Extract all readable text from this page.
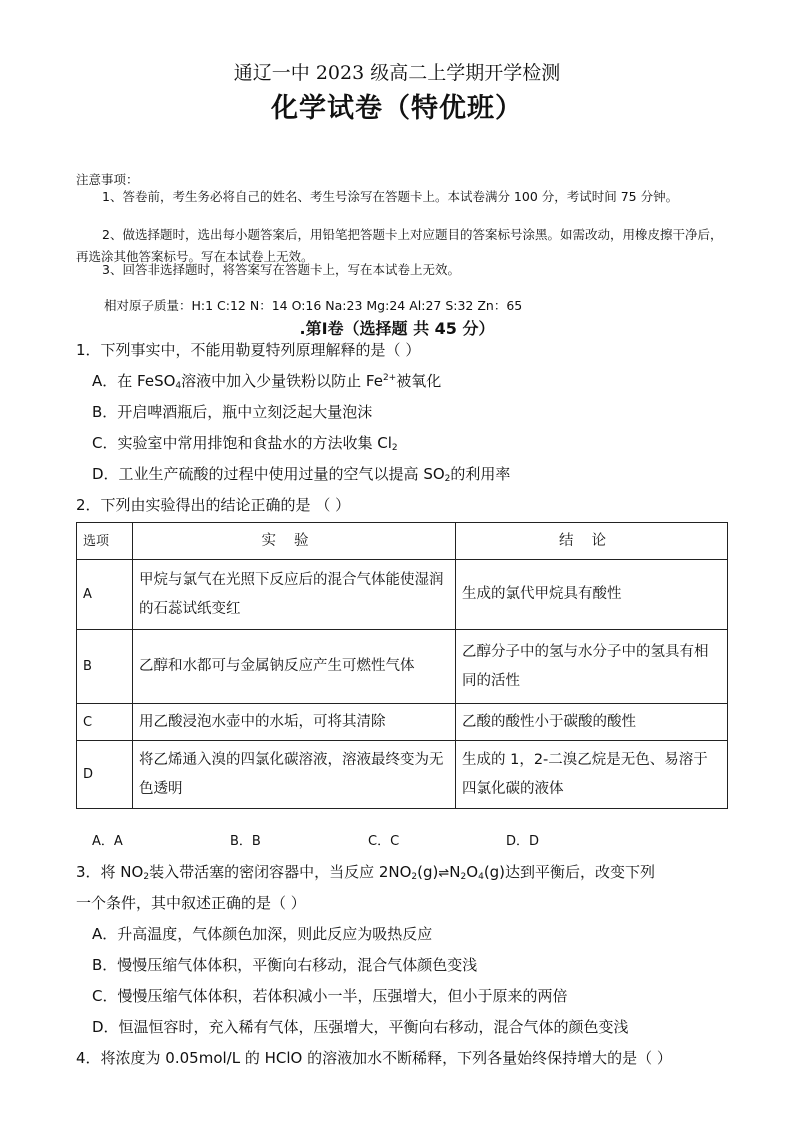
通辽一中 2023 级高二上学期开学检测
化学试卷（特优班）
注意事项：
1、答卷前，考生务必将自己的姓名、考生号涂写在答题卡上。本试卷满分 100 分，考试时间 75 分钟。
2、做选择题时，选出每小题答案后，用铅笔把答题卡上对应题目的答案标号涂黑。如需改动，用橡皮擦干净后，再选涂其他答案标号。写在本试卷上无效。
3、回答非选择题时，将答案写在答题卡上，写在本试卷上无效。
相对原子质量：H:1 C:12 N：14 O:16 Na:23 Mg:24 Al:27 S:32 Zn：65
.第Ⅰ卷（选择题 共 45 分）
1．下列事实中，不能用勒夏特列原理解释的是（ ）
A．在 FeSO$_4$溶液中加入少量铁粉以防止 $Fe^{2+}$被氧化
B．开启啤酒瓶后，瓶中立刻泛起大量泡沫
C．实验室中常用排饱和食盐水的方法收集 $Cl_2$
D．工业生产硫酸的过程中使用过量的空气以提高 $SO_2$的利用率
2．下列由实验得出的结论正确的是 （ ）
选项	实验	结论
A	甲烷与氯气在光照下反应后的混合气体能使湿润的石蕊试纸变红	生成的氯代甲烷具有酸性
B	乙醇和水都可与金属钠反应产生可燃性气体	乙醇分子中的氢与水分子中的氢具有相同的活性
C	用乙酸浸泡水壶中的水垢，可将其清除	乙酸的酸性小于碳酸的酸性
D	将乙烯通入溴的四氯化碳溶液，溶液最终变为无色透明	生成的 1，2-二溴乙烷是无色、易溶于四氯化碳的液体
A．A	B．B	C．C	D．D
3．将 $NO_2$装入带活塞的密闭容器中，当反应 $2NO_2(g)\rightleftharpoons N_2O_4(g)$达到平衡后，改变下列
一个条件，其中叙述正确的是（ ）
A．升高温度，气体颜色加深，则此反应为吸热反应
B．慢慢压缩气体体积，平衡向右移动，混合气体颜色变浅
C．慢慢压缩气体体积，若体积减小一半，压强增大，但小于原来的两倍
D．恒温恒容时，充入稀有气体，压强增大，平衡向右移动，混合气体的颜色变浅
4．将浓度为 0.05mol/L 的 HClO 的溶液加水不断稀释，下列各量始终保持增大的是（ ）
